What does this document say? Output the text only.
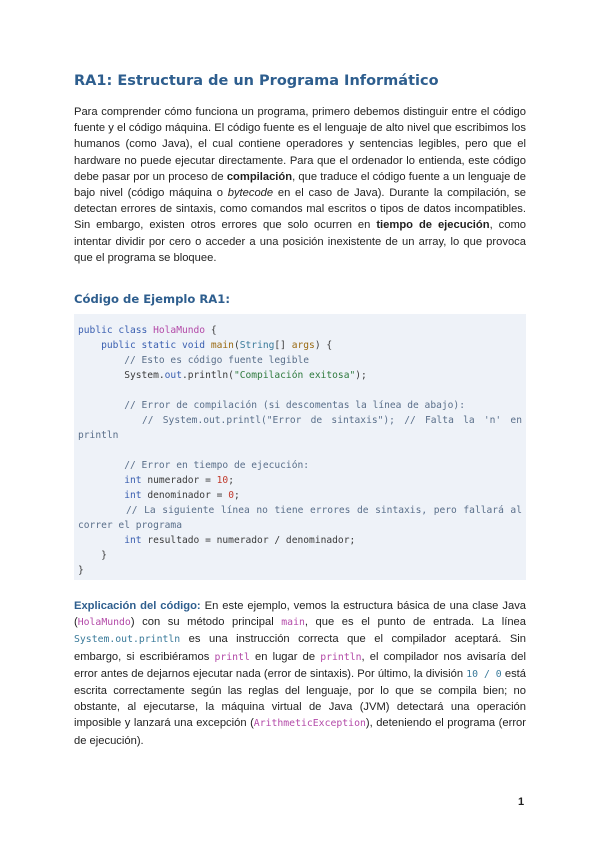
RA1: Estructura de un Programa Informático

Para comprender cómo funciona un programa, primero debemos distinguir entre el código fuente y el código máquina. El código fuente es el lenguaje de alto nivel que escribimos los humanos (como Java), el cual contiene operadores y sentencias legibles, pero que el hardware no puede ejecutar directamente. Para que el ordenador lo entienda, este código debe pasar por un proceso de compilación, que traduce el código fuente a un lenguaje de bajo nivel (código máquina o bytecode en el caso de Java). Durante la compilación, se detectan errores de sintaxis, como comandos mal escritos o tipos de datos incompatibles. Sin embargo, existen otros errores que solo ocurren en tiempo de ejecución, como intentar dividir por cero o acceder a una posición inexistente de un array, lo que provoca que el programa se bloquee.

Código de Ejemplo RA1:
public class HolaMundo {
public static void main(String[] args) {
// Esto es código fuente legible
System.out.println("Compilación exitosa");
// Error de compilación (si descomentas la línea de abajo):
// System.out.printl("Error de sintaxis"); // Falta la 'n' en println
// Error en tiempo de ejecución:
int numerador = 10;
int denominador = 0;
// La siguiente línea no tiene errores de sintaxis, pero fallará al correr el programa
int resultado = numerador / denominador;
}
}

Explicación del código: En este ejemplo, vemos la estructura básica de una clase Java (HolaMundo) con su método principal main, que es el punto de entrada. La línea System.out.println es una instrucción correcta que el compilador aceptará. Sin embargo, si escribiéramos printl en lugar de println, el compilador nos avisaría del error antes de dejarnos ejecutar nada (error de sintaxis). Por último, la división 10 / 0 está escrita correctamente según las reglas del lenguaje, por lo que se compila bien; no obstante, al ejecutarse, la máquina virtual de Java (JVM) detectará una operación imposible y lanzará una excepción (ArithmeticException), deteniendo el programa (error de ejecución).

1
